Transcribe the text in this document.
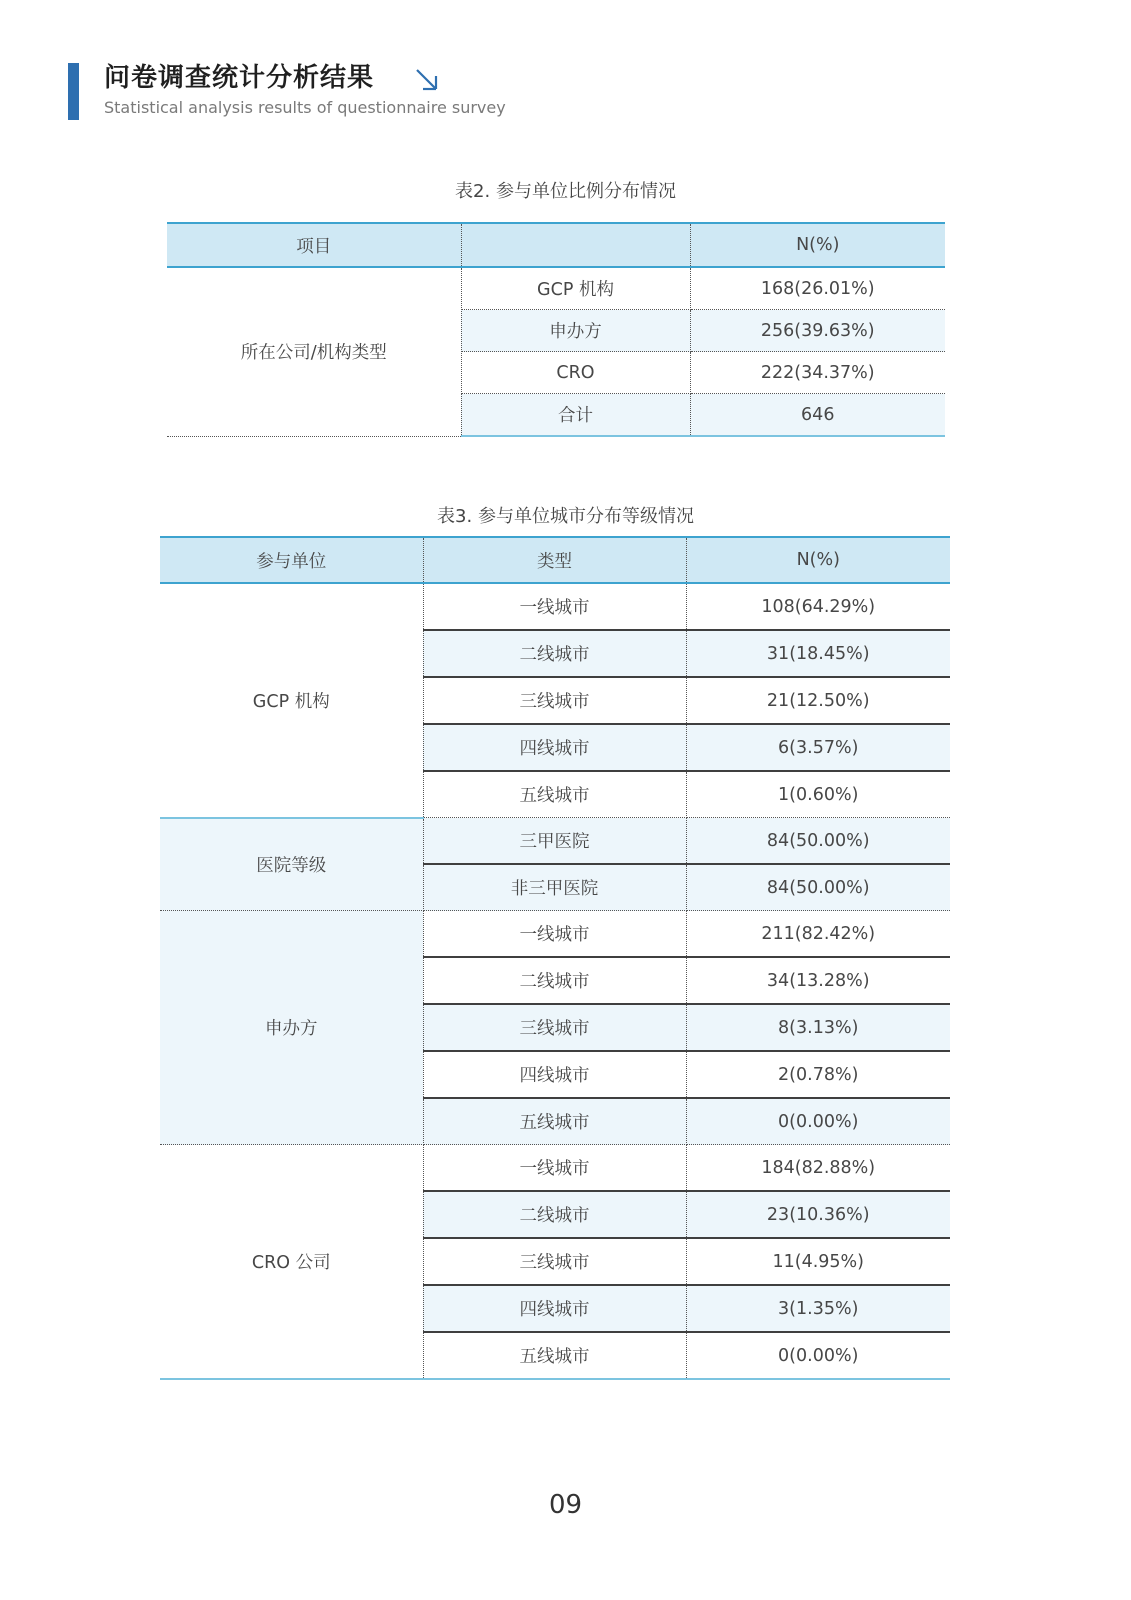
问卷调查统计分析结果
Statistical analysis results of questionnaire survey
表2. 参与单位比例分布情况
项目		N(%)
所在公司/机构类型	GCP 机构	168(26.01%)
	申办方	256(39.63%)
	CRO	222(34.37%)
	合计	646
表3. 参与单位城市分布等级情况
参与单位	类型	N(%)
GCP 机构	一线城市	108(64.29%)
	二线城市	31(18.45%)
	三线城市	21(12.50%)
	四线城市	6(3.57%)
	五线城市	1(0.60%)
医院等级	三甲医院	84(50.00%)
	非三甲医院	84(50.00%)
申办方	一线城市	211(82.42%)
	二线城市	34(13.28%)
	三线城市	8(3.13%)
	四线城市	2(0.78%)
	五线城市	0(0.00%)
CRO 公司	一线城市	184(82.88%)
	二线城市	23(10.36%)
	三线城市	11(4.95%)
	四线城市	3(1.35%)
	五线城市	0(0.00%)
09
